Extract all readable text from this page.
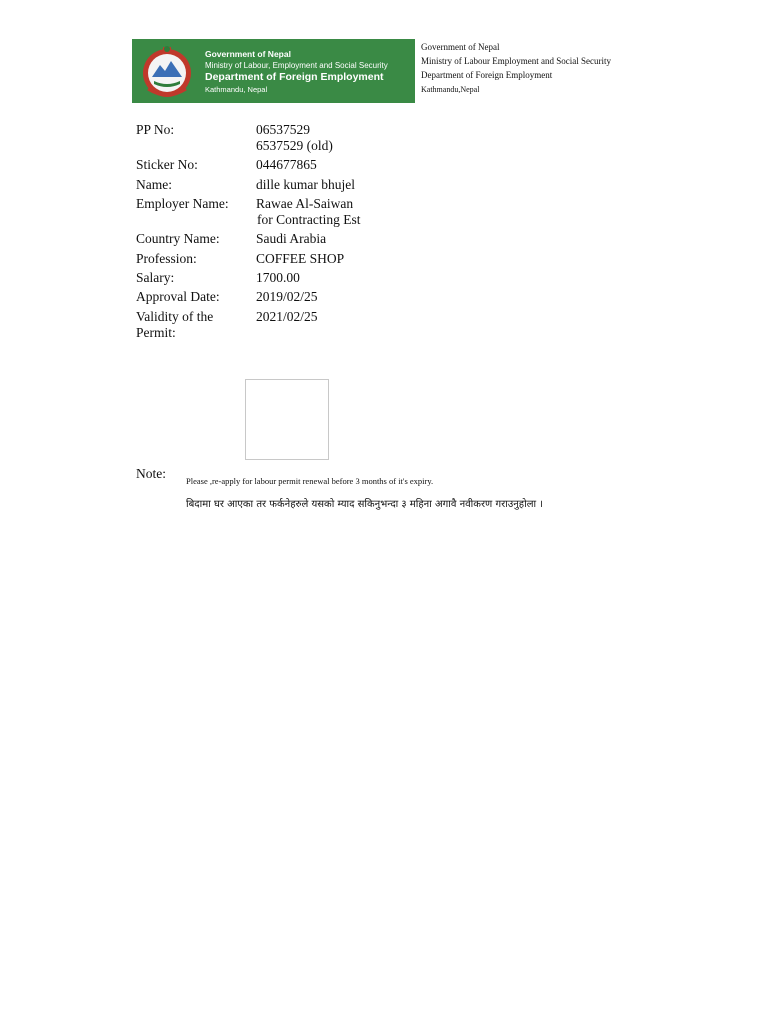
Government of Nepal
Ministry of Labour, Employment and Social Security
Department of Foreign Employment
Kathmandu, Nepal
Government of Nepal
Ministry of Labour Employment and Social Security
Department of Foreign Employment
Kathmandu,Nepal
PP No:	06537529
6537529 (old)
Sticker No:	044677865
Name:	dille kumar bhujel
Employer Name:	Rawae Al-Saiwan
for Contracting Est
Country Name:	Saudi Arabia
Profession:	COFFEE SHOP
Salary:	1700.00
Approval Date:	2019/02/25
Validity of the	2021/02/25
Permit:
Note: Please ,re-apply for labour permit renewal before 3 months of it's expiry.
बिदामा घर आएका तर फर्कनेहरुले यसको म्याद सकिनुभन्दा ३ महिना अगावै नवीकरण गराउनुहोला ।
